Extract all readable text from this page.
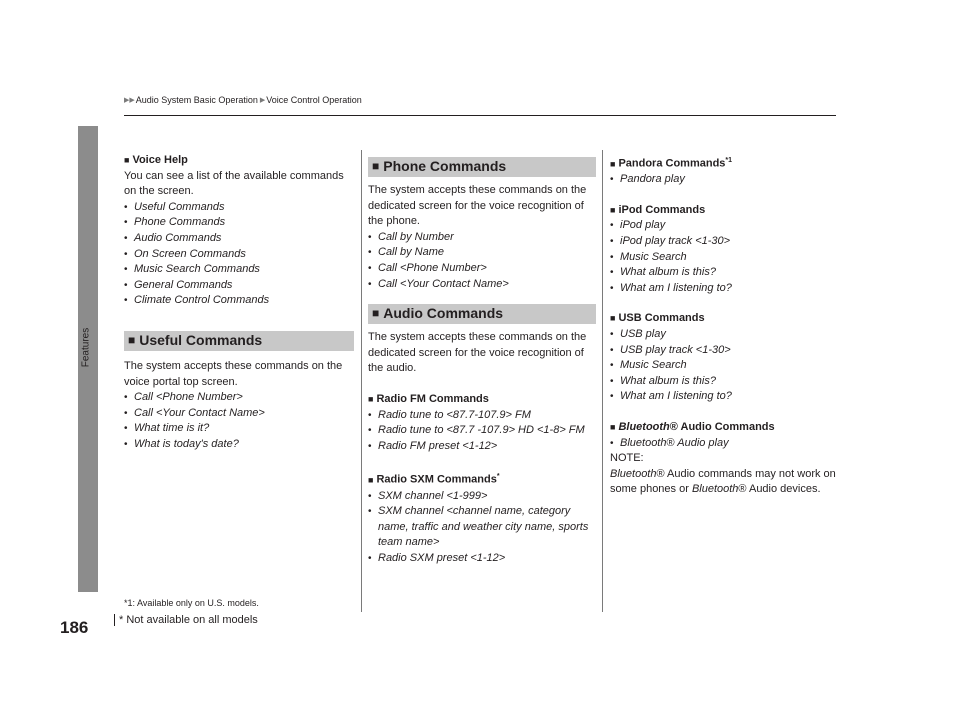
▶▶ Audio System Basic Operation ▶ Voice Control Operation
Features

■ Voice Help

You can see a list of the available commands on the screen.

• Useful Commands
• Phone Commands
• Audio Commands
• On Screen Commands
• Music Search Commands
• General Commands
• Climate Control Commands
■ Useful Commands

The system accepts these commands on the voice portal top screen.

• Call <Phone Number>
• Call <Your Contact Name>
• What time is it?
• What is today's date?
■ Phone Commands

The system accepts these commands on the dedicated screen for the voice recognition of the phone.

• Call by Number
• Call by Name
• Call <Phone Number>
• Call <Your Contact Name>
■ Audio Commands

The system accepts these commands on the dedicated screen for the voice recognition of the audio.

■ Radio FM Commands

• Radio tune to <87.7-107.9> FM
• Radio tune to <87.7 -107.9> HD <1-8> FM
• Radio FM preset <1-12>

■ Radio SXM Commands*

• SXM channel <1-999>
• SXM channel <channel name, category name, traffic and weather city name, sports team name>
• Radio SXM preset <1-12>

■ Pandora Commands$^{*1}$

• Pandora play

■ iPod Commands

• iPod play
• iPod play track <1-30>
• Music Search
• What album is this?
• What am I listening to?

■ USB Commands

• USB play
• USB play track <1-30>
• Music Search
• What album is this?
• What am I listening to?

■ Bluetooth® Audio Commands

• Bluetooth® Audio play

NOTE:

Bluetooth® Audio commands may not work on some phones or Bluetooth® Audio devices.

*1: Available only on U.S. models.
186	* Not available on all models
